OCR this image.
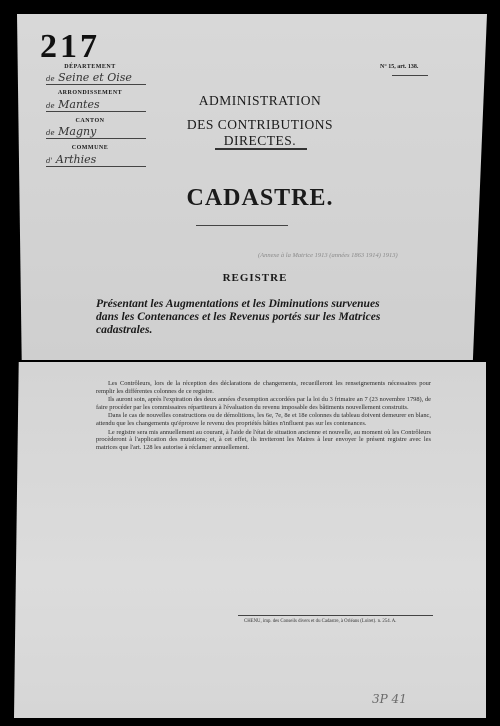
217
DÉPARTEMENT
de Seine et Oise
ARRONDISSEMENT
de Mantes
CANTON
de Magny
COMMUNE
d' Arthies
N° 15, art. 138.
ADMINISTRATION
DES CONTRIBUTIONS DIRECTES.
CADASTRE.
(Annexe à la Matrice 1913 (années 1863 1914) 1913)
REGISTRE
Présentant les Augmentations et les Diminutions survenues
dans les Contenances et les Revenus portés sur les Matrices
cadastrales.

Les Contrôleurs, lors de la réception des déclarations de changements, recueilleront les renseignements nécessaires pour remplir les différentes colonnes de ce registre.

Ils auront soin, après l'expiration des deux années d'exemption accordées par la loi du 3 frimaire an 7 (23 novembre 1798), de faire procéder par les commissaires répartiteurs à l'évaluation du revenu imposable des bâtiments nouvellement construits.

Dans le cas de nouvelles constructions ou de démolitions, les 6e, 7e, 8e et 18e colonnes du tableau doivent demeurer en blanc, attendu que les changements qu'éprouve le revenu des propriétés bâties n'influent pas sur les contenances.

Le registre sera mis annuellement au courant, à l'aide de l'état de situation ancienne et nouvelle, au moment où les Contrôleurs procèderont à l'application des mutations; et, à cet effet, ils inviteront les Maires à leur envoyer le présent registre avec les matrices que l'art. 128 les autorise à réclamer annuellement.

CHENU, imp. des Conseils divers et du Cadastre, à Orléans (Loiret). n. 254. A.
3P 41
